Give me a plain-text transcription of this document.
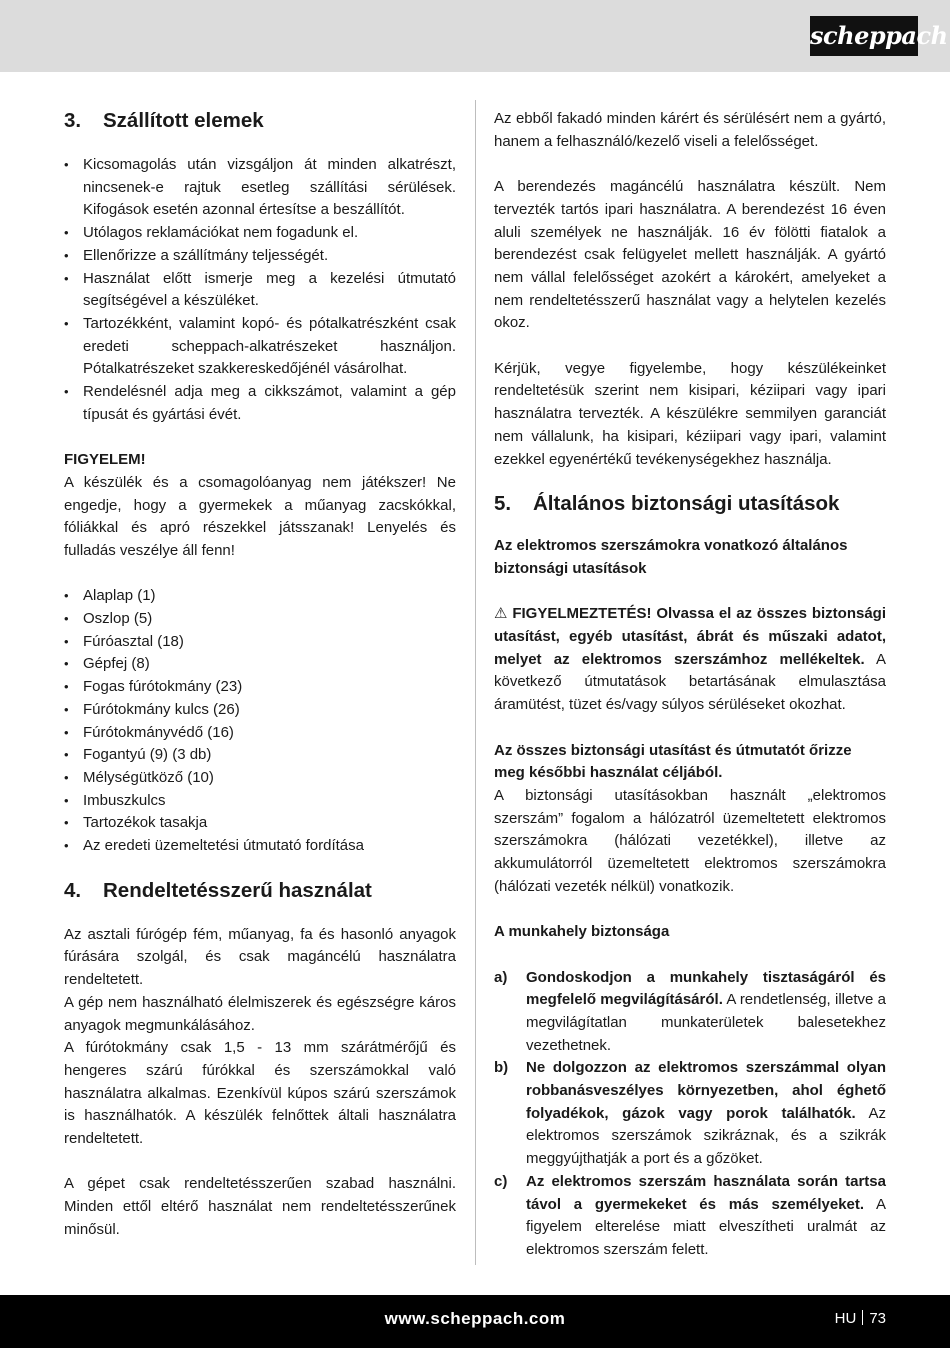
scheppach
3.	Szállított elemek
• Kicsomagolás után vizsgáljon át minden alkatrészt, nincsenek-e rajtuk esetleg szállítási sérülések. Kifogások esetén azonnal értesítse a beszállítót.
• Utólagos reklamációkat nem fogadunk el.
• Ellenőrizze a szállítmány teljességét.
• Használat előtt ismerje meg a kezelési útmutató segítségével a készüléket.
• Tartozékként, valamint kopó- és pótalkatrészként csak eredeti scheppach-alkatrészeket használjon. Pótalkatrészeket szakkereskedőjénél vásárolhat.
• Rendelésnél adja meg a cikkszámot, valamint a gép típusát és gyártási évét.
FIGYELEM!
A készülék és a csomagolóanyag nem játékszer! Ne engedje, hogy a gyermekek a műanyag zacskókkal, fóliákkal és apró részekkel játsszanak! Lenyelés és fulladás veszélye áll fenn!
• Alaplap (1)
• Oszlop (5)
• Fúróasztal (18)
• Gépfej (8)
• Fogas fúrótokmány (23)
• Fúrótokmány kulcs (26)
• Fúrótokmányvédő (16)
• Fogantyú (9) (3 db)
• Mélységütköző (10)
• Imbuszkulcs
• Tartozékok tasakja
• Az eredeti üzemeltetési útmutató fordítása
4.	Rendeltetésszerű használat
Az asztali fúrógép fém, műanyag, fa és hasonló anyagok fúrására szolgál, és csak magáncélú használatra rendeltetett.
A gép nem használható élelmiszerek és egészségre káros anyagok megmunkálásához.
A fúrótokmány csak 1,5 - 13 mm szárátmérőjű és hengeres szárú fúrókkal és szerszámokkal való használatra alkalmas. Ezenkívül kúpos szárú szerszámok is használhatók. A készülék felnőttek általi használatra rendeltetett.
A gépet csak rendeltetésszerűen szabad használni. Minden ettől eltérő használat nem rendeltetésszerűnek minősül.
Az ebből fakadó minden kárért és sérülésért nem a gyártó, hanem a felhasználó/kezelő viseli a felelősséget.
A berendezés magáncélú használatra készült. Nem tervezték tartós ipari használatra. A berendezést 16 éven aluli személyek ne használják. 16 év fölötti fiatalok a berendezést csak felügyelet mellett használják. A gyártó nem vállal felelősséget azokért a károkért, amelyeket a nem rendeltetésszerű használat vagy a helytelen kezelés okoz.
Kérjük, vegye figyelembe, hogy készülékeinket rendeltetésük szerint nem kisipari, kéziipari vagy ipari használatra tervezték. A készülékre semmilyen garanciát nem vállalunk, ha kisipari, kéziipari vagy ipari, valamint ezekkel egyenértékű tevékenységekhez használja.
5.	Általános biztonsági utasítások
Az elektromos szerszámokra vonatkozó általános biztonsági utasítások
⚠ FIGYELMEZTETÉS! Olvassa el az összes biztonsági utasítást, egyéb utasítást, ábrát és műszaki adatot, melyet az elektromos szerszámhoz mellékeltek. A következő útmutatások betartásának elmulasztása áramütést, tüzet és/vagy súlyos sérüléseket okozhat.
Az összes biztonsági utasítást és útmutatót őrizze meg későbbi használat céljából.
A biztonsági utasításokban használt „elektromos szerszám” fogalom a hálózatról üzemeltetett elektromos szerszámokra (hálózati vezetékkel), illetve az akkumulátorról üzemeltetett elektromos szerszámokra (hálózati vezeték nélkül) vonatkozik.
A munkahely biztonsága
a)	Gondoskodjon a munkahely tisztaságáról és megfelelő megvilágításáról. A rendetlenség, illetve a megvilágítatlan munkaterületek balesetekhez vezethetnek.
b)	Ne dolgozzon az elektromos szerszámmal olyan robbanásveszélyes környezetben, ahol éghető folyadékok, gázok vagy porok találhatók. Az elektromos szerszámok szikráznak, és a szikrák meggyújthatják a port és a gőzöket.
c)	Az elektromos szerszám használata során tartsa távol a gyermekeket és más személyeket. A figyelem elterelése miatt elveszítheti uralmát az elektromos szerszám felett.
www.scheppach.com	HU 73
